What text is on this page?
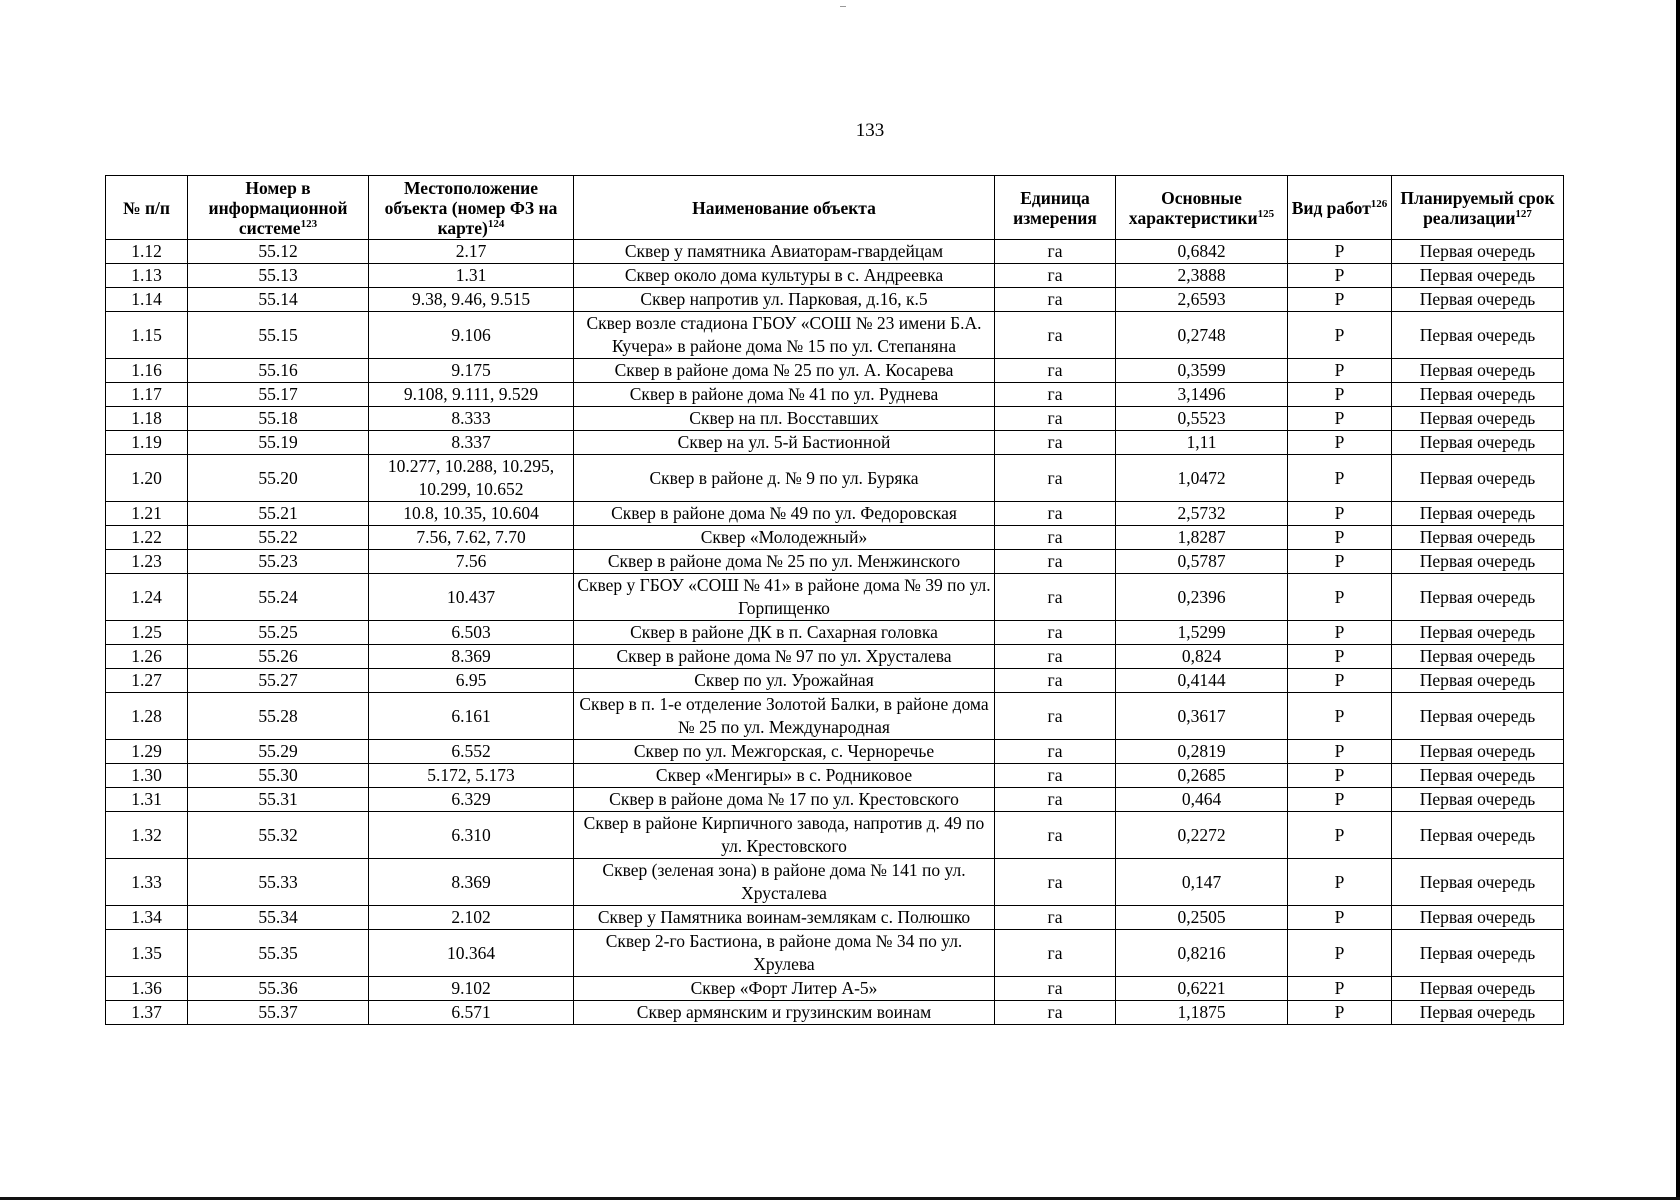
133
№ п/п	Номер в информационной системе$^{123}$	Местоположение объекта (номер ФЗ на карте)$^{124}$	Наименование объекта	Единица измерения	Основные характеристики$^{125}$	Вид работ$^{126}$	Планируемый срок реализации$^{127}$
1.12	55.12	2.17	Сквер у памятника Авиаторам-гвардейцам	га	0,6842	Р	Первая очередь
1.13	55.13	1.31	Сквер около дома культуры в с. Андреевка	га	2,3888	Р	Первая очередь
1.14	55.14	9.38, 9.46, 9.515	Сквер напротив ул. Парковая, д.16, к.5	га	2,6593	Р	Первая очередь
1.15	55.15	9.106	Сквер возле стадиона ГБОУ «СОШ № 23 имени Б.А. Кучера» в районе дома № 15 по ул. Степаняна	га	0,2748	Р	Первая очередь
1.16	55.16	9.175	Сквер в районе дома № 25 по ул. А. Косарева	га	0,3599	Р	Первая очередь
1.17	55.17	9.108, 9.111, 9.529	Сквер в районе дома № 41 по ул. Руднева	га	3,1496	Р	Первая очередь
1.18	55.18	8.333	Сквер на пл. Восставших	га	0,5523	Р	Первая очередь
1.19	55.19	8.337	Сквер на ул. 5-й Бастионной	га	1,11	Р	Первая очередь
1.20	55.20	10.277, 10.288, 10.295, 10.299, 10.652	Сквер в районе д. № 9 по ул. Буряка	га	1,0472	Р	Первая очередь
1.21	55.21	10.8, 10.35, 10.604	Сквер в районе дома № 49 по ул. Федоровская	га	2,5732	Р	Первая очередь
1.22	55.22	7.56, 7.62, 7.70	Сквер «Молодежный»	га	1,8287	Р	Первая очередь
1.23	55.23	7.56	Сквер в районе дома № 25 по ул. Менжинского	га	0,5787	Р	Первая очередь
1.24	55.24	10.437	Сквер у ГБОУ «СОШ № 41» в районе дома № 39 по ул. Горпищенко	га	0,2396	Р	Первая очередь
1.25	55.25	6.503	Сквер в районе ДК в п. Сахарная головка	га	1,5299	Р	Первая очередь
1.26	55.26	8.369	Сквер в районе дома № 97 по ул. Хрусталева	га	0,824	Р	Первая очередь
1.27	55.27	6.95	Сквер по ул. Урожайная	га	0,4144	Р	Первая очередь
1.28	55.28	6.161	Сквер в п. 1-е отделение Золотой Балки, в районе дома № 25 по ул. Международная	га	0,3617	Р	Первая очередь
1.29	55.29	6.552	Сквер по ул. Межгорская, с. Черноречье	га	0,2819	Р	Первая очередь
1.30	55.30	5.172, 5.173	Сквер «Менгиры» в с. Родниковое	га	0,2685	Р	Первая очередь
1.31	55.31	6.329	Сквер в районе дома № 17 по ул. Крестовского	га	0,464	Р	Первая очередь
1.32	55.32	6.310	Сквер в районе Кирпичного завода, напротив д. 49 по ул. Крестовского	га	0,2272	Р	Первая очередь
1.33	55.33	8.369	Сквер (зеленая зона) в районе дома № 141 по ул. Хрусталева	га	0,147	Р	Первая очередь
1.34	55.34	2.102	Сквер у Памятника воинам-землякам с. Полюшко	га	0,2505	Р	Первая очередь
1.35	55.35	10.364	Сквер 2-го Бастиона, в районе дома № 34 по ул. Хрулева	га	0,8216	Р	Первая очередь
1.36	55.36	9.102	Сквер «Форт Литер А-5»	га	0,6221	Р	Первая очередь
1.37	55.37	6.571	Сквер армянским и грузинским воинам	га	1,1875	Р	Первая очередь
